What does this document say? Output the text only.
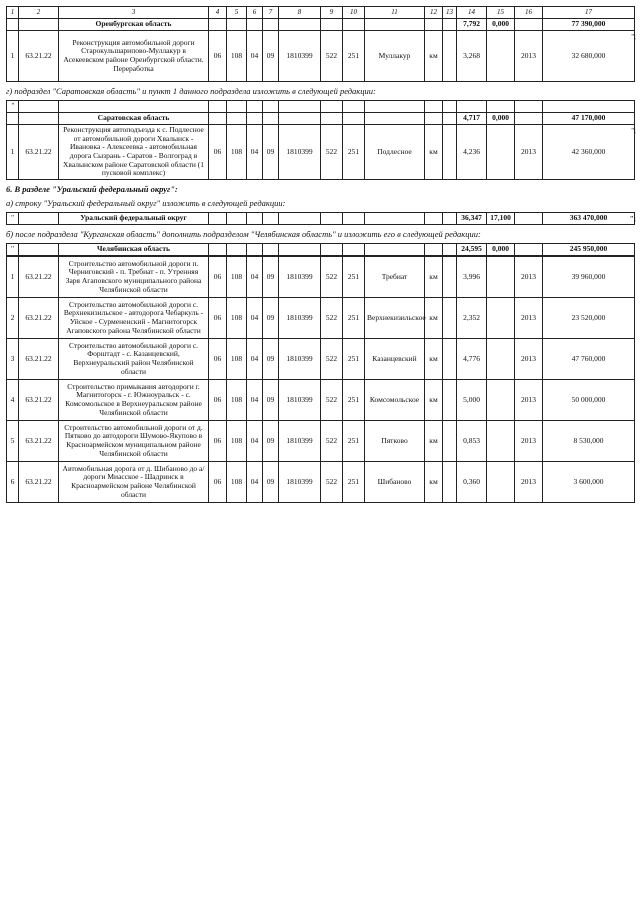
1	2	3	4	5	6	7	8	9	10	11	12	13	14	15	16	17
		Оренбургская область											7,792	0,000		77 390,000
1	63.21.22	Реконструкция автомобильной дороги Старокульшарипово-Муллакур в Асекеевском районе Оренбургской области. Переработка	06	108	04	09	1810399	522	251	Муллакур	км		3,268		2013	32 680,000
";
г) подраздел "Саратовская область" и пункт 1 данного подраздела изложить в следующей редакции:
"																
		Саратовская область											4,717	0,000		47 170,000
1	63.21.22	Реконструкция автоподъезда к с. Подлесное от автомобильной дороги Хвалынск - Ивановка - Алексеевка - автомобильная дорога Сызрань - Саратов - Волгоград в Хвалынском районе Саратовской области (1 пусковой комплекс)	06	108	04	09	1810399	522	251	Подлесное	км		4,236		2013	42 360,000
";
6. В разделе "Уральский федеральный округ":
а) строку "Уральский федеральный округ" изложить в следующей редакции:
"		Уральский федеральный округ											36,347	17,100		363 470,000	";
б) после подраздела "Курганская область" дополнить подразделом "Челябинская область" и изложить его в следующей редакции:
"		Челябинская область											24,595	0,000		245 950,000
1	63.21.22	Строительство автомобильной дороги п. Черниговский - п. Требиат - п. Утренняя Заря Агаповского муниципального района Челябинской области	06	108	04	09	1810399	522	251	Требиат	км		3,996		2013	39 960,000
2	63.21.22	Строительство автомобильной дороги с. Верхнекизильское - автодорога Чебаркуль - Уйское - Сурмененский - Магнитогорск Агаповского района Челябинской области	06	108	04	09	1810399	522	251	Верхнекизильское	км		2,352		2013	23 520,000
3	63.21.22	Строительство автомобильной дороги с. Форштадт - с. Казанцевский, Верхнеуральский район Челябинской области	06	108	04	09	1810399	522	251	Казанцевский	км		4,776		2013	47 760,000
4	63.21.22	Строительство примыкания автодороги г. Магнитогорск - г. Южноуральск - с. Комсомольское в Верхнеуральском районе Челябинской области	06	108	04	09	1810399	522	251	Комсомольское	км		5,000		2013	50 000,000
5	63.21.22	Строительство автомобильной дороги от д. Пятково до автодороги Шумово-Якупово в Красноармейском муниципальном районе Челябинской области	06	108	04	09	1810399	522	251	Пятково	км		0,853		2013	8 530,000
6	63.21.22	Автомобильная дорога от д. Шибаново до а/дороги Миасское - Шадринск в Красноармейском районе Челябинской области	06	108	04	09	1810399	522	251	Шибаново	км		0,360		2013	3 600,000
